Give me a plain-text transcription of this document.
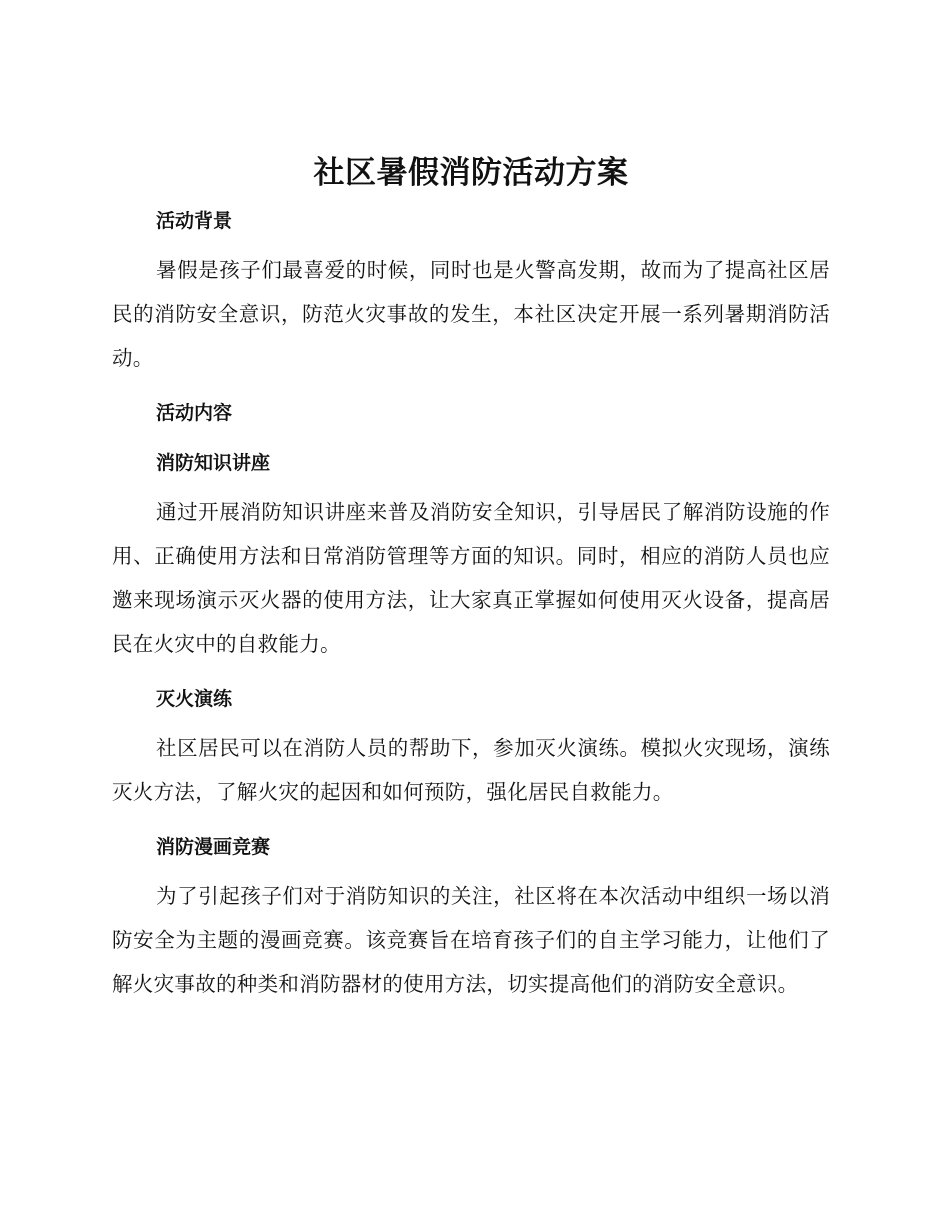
社区暑假消防活动方案
活动背景

暑假是孩子们最喜爱的时候，同时也是火警高发期，故而为了提高社区居民的消防安全意识，防范火灾事故的发生，本社区决定开展一系列暑期消防活动。

活动内容
消防知识讲座

通过开展消防知识讲座来普及消防安全知识，引导居民了解消防设施的作用、正确使用方法和日常消防管理等方面的知识。同时，相应的消防人员也应邀来现场演示灭火器的使用方法，让大家真正掌握如何使用灭火设备，提高居民在火灾中的自救能力。

灭火演练

社区居民可以在消防人员的帮助下，参加灭火演练。模拟火灾现场，演练灭火方法，了解火灾的起因和如何预防，强化居民自救能力。

消防漫画竞赛

为了引起孩子们对于消防知识的关注，社区将在本次活动中组织一场以消防安全为主题的漫画竞赛。该竞赛旨在培育孩子们的自主学习能力，让他们了解火灾事故的种类和消防器材的使用方法，切实提高他们的消防安全意识。
